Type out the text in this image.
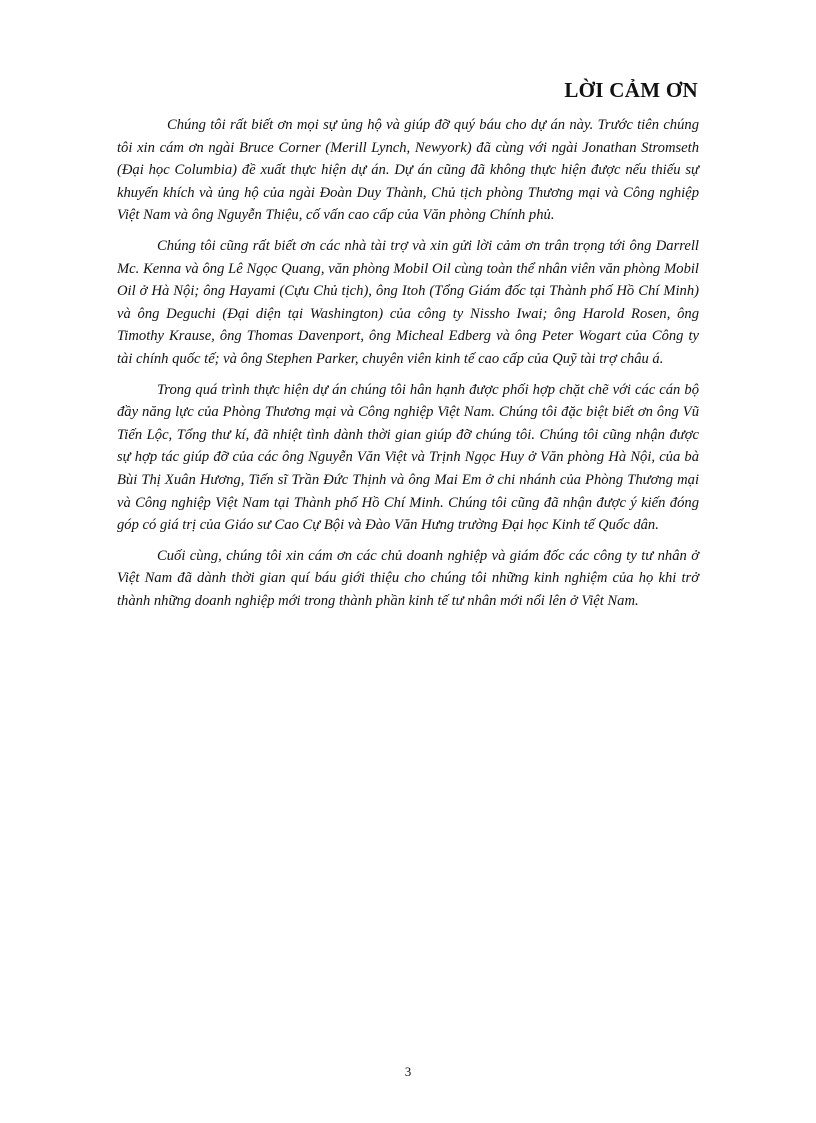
LỜI CẢM ƠN

Chúng tôi rất biết ơn mọi sự ủng hộ và giúp đỡ quý báu cho dự án này. Trước tiên chúng tôi xin cám ơn ngài Bruce Corner (Merill Lynch, Newyork) đã cùng với ngài Jonathan Stromseth (Đại học Columbia) đề xuất thực hiện dự án. Dự án cũng đã không thực hiện được nếu thiếu sự khuyến khích và ủng hộ của ngài Đoàn Duy Thành, Chủ tịch phòng Thương mại và Công nghiệp Việt Nam và ông Nguyễn Thiệu, cố vấn cao cấp của Văn phòng Chính phủ.

Chúng tôi cũng rất biết ơn các nhà tài trợ và xin gửi lời cảm ơn trân trọng tới ông Darrell Mc. Kenna và ông Lê Ngọc Quang, văn phòng Mobil Oil cùng toàn thể nhân viên văn phòng Mobil Oil ở Hà Nội; ông Hayami (Cựu Chủ tịch), ông Itoh (Tổng Giám đốc tại Thành phố Hồ Chí Minh) và ông Deguchi (Đại diện tại Washington) của công ty Nissho Iwai; ông Harold Rosen, ông Timothy Krause, ông Thomas Davenport, ông Micheal Edberg và ông Peter Wogart của Công ty tài chính quốc tế; và ông Stephen Parker, chuyên viên kinh tế cao cấp của Quỹ tài trợ châu á.

Trong quá trình thực hiện dự án chúng tôi hân hạnh được phối hợp chặt chẽ với các cán bộ đầy năng lực của Phòng Thương mại và Công nghiệp Việt Nam. Chúng tôi đặc biệt biết ơn ông Vũ Tiến Lộc, Tổng thư kí, đã nhiệt tình dành thời gian giúp đỡ chúng tôi. Chúng tôi cũng nhận được sự hợp tác giúp đỡ của các ông Nguyễn Văn Việt và Trịnh Ngọc Huy ở Văn phòng Hà Nội, của bà Bùi Thị Xuân Hương, Tiến sĩ Trần Đức Thịnh và ông Mai Em ở chi nhánh của Phòng Thương mại và Công nghiệp Việt Nam tại Thành phố Hồ Chí Minh. Chúng tôi cũng đã nhận được ý kiến đóng góp có giá trị của Giáo sư Cao Cự Bội và Đào Văn Hưng trường Đại học Kinh tế Quốc dân.

Cuối cùng, chúng tôi xin cám ơn các chủ doanh nghiệp và giám đốc các công ty tư nhân ở Việt Nam đã dành thời gian quí báu giới thiệu cho chúng tôi những kinh nghiệm của họ khi trở thành những doanh nghiệp mới trong thành phần kinh tế tư nhân mới nổi lên ở Việt Nam.

3
